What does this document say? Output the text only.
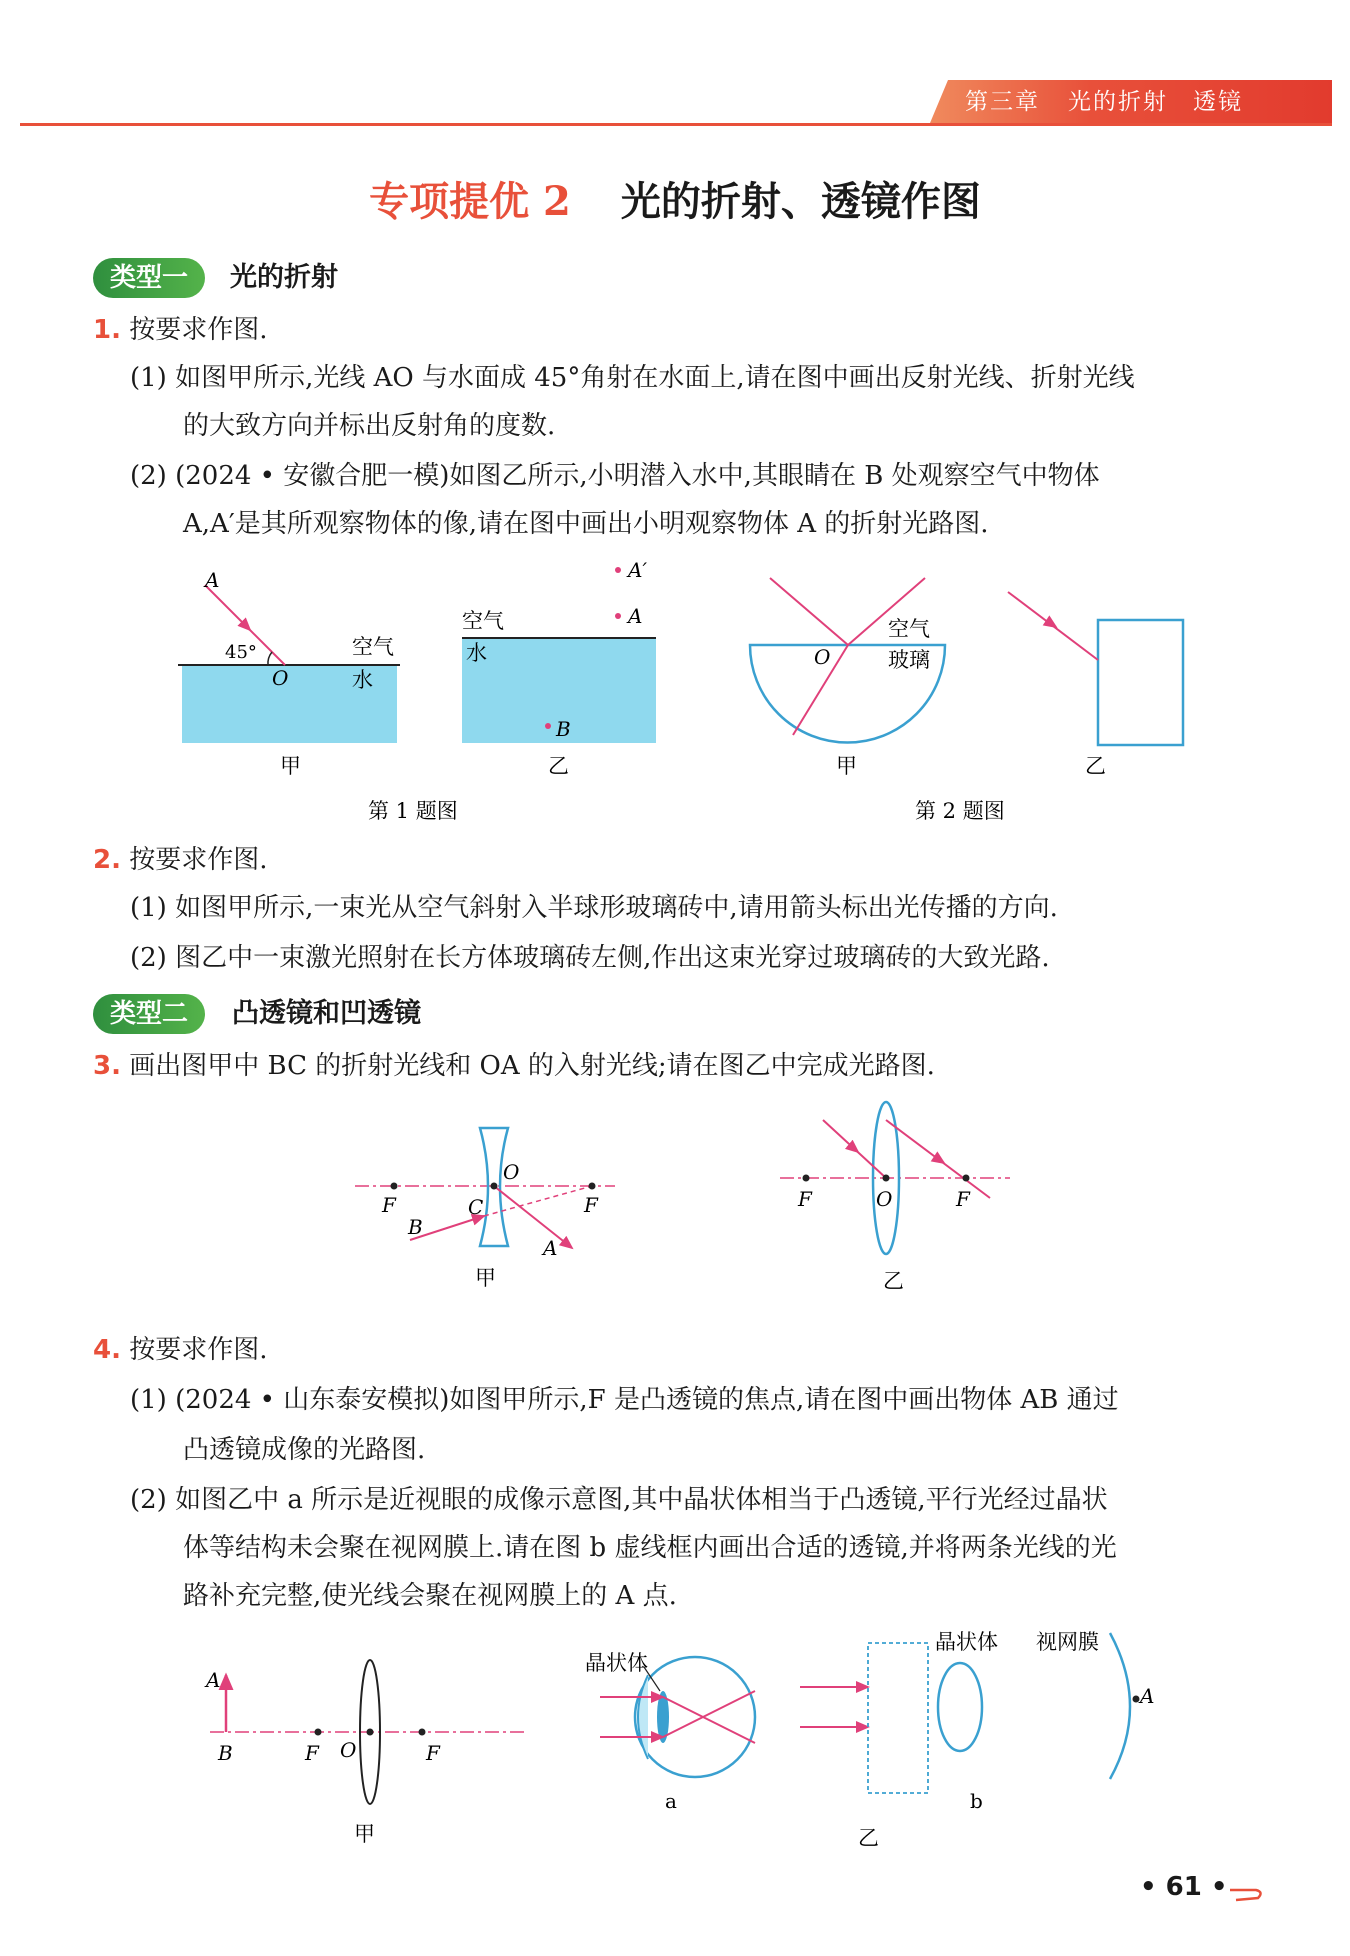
第三章 光的折射　透镜
专项提优 2 光的折射、透镜作图
类型一	光的折射
1. 按要求作图.
(1) 如图甲所示,光线 AO 与水面成 45°角射在水面上,请在图中画出反射光线、折射光线
的大致方向并标出反射角的度数.
(2) (2024 • 安徽合肥一模)如图乙所示,小明潜入水中,其眼睛在 B 处观察空气中物体
A,A′是其所观察物体的像,请在图中画出小明观察物体 A 的折射光路图.
A
45°
O
空气
水
甲
A′
A
空气
水
B
乙
第 1 题图
O
空气
玻璃
甲	乙
第 2 题图
2. 按要求作图.
(1) 如图甲所示,一束光从空气斜射入半球形玻璃砖中,请用箭头标出光传播的方向.
(2) 图乙中一束激光照射在长方体玻璃砖左侧,作出这束光穿过玻璃砖的大致光路.
类型二	凸透镜和凹透镜
3. 画出图甲中 BC 的折射光线和 OA 的入射光线;请在图乙中完成光路图.
F
O
C	F
B
A
甲
F	O	F
乙
4. 按要求作图.
(1) (2024 • 山东泰安模拟)如图甲所示,F 是凸透镜的焦点,请在图中画出物体 AB 通过
凸透镜成像的光路图.
(2) 如图乙中 a 所示是近视眼的成像示意图,其中晶状体相当于凸透镜,平行光经过晶状
体等结构未会聚在视网膜上.请在图 b 虚线框内画出合适的透镜,并将两条光线的光
路补充完整,使光线会聚在视网膜上的 A 点.
A
B	F O	F
甲
晶状体
a
晶状体 视网膜
A
b
乙
• 61 •
